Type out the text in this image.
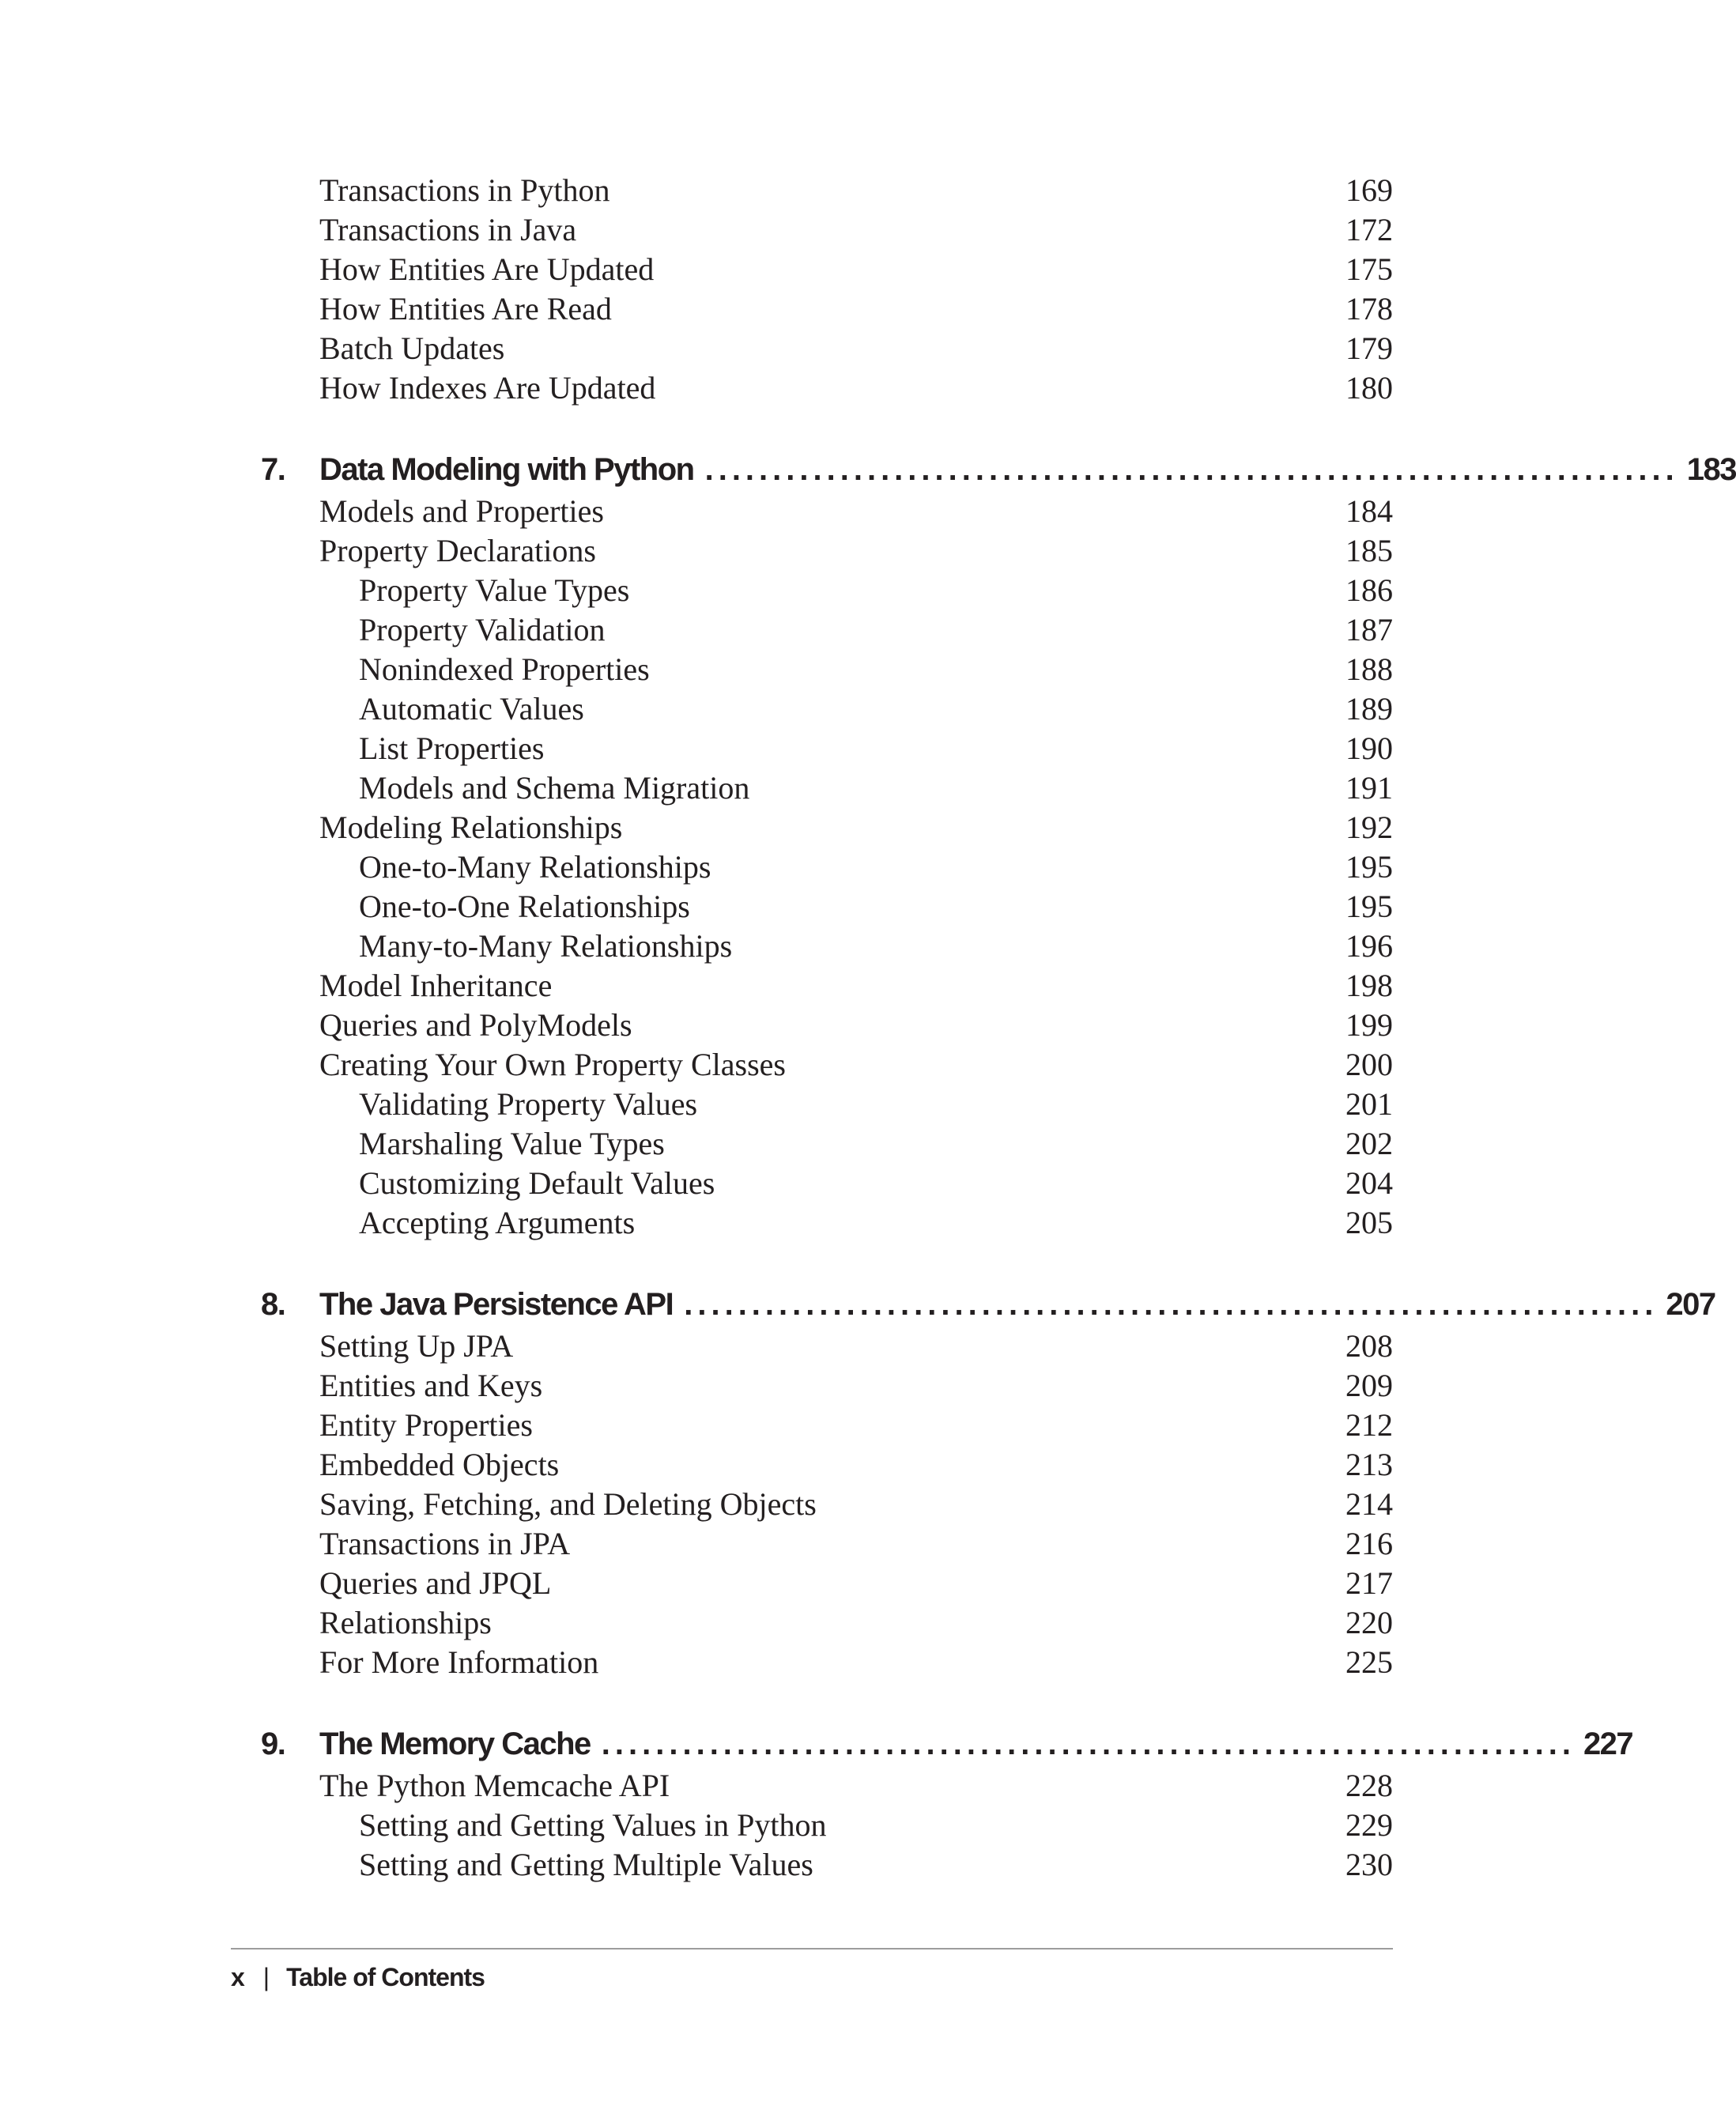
Transactions in Python	169
Transactions in Java	172
How Entities Are Updated	175
How Entities Are Read	178
Batch Updates	179
How Indexes Are Updated	180
7.	Data Modeling with Python ........................................................................ 183
Models and Properties	184
Property Declarations	185
Property Value Types	186
Property Validation	187
Nonindexed Properties	188
Automatic Values	189
List Properties	190
Models and Schema Migration	191
Modeling Relationships	192
One-to-Many Relationships	195
One-to-One Relationships	195
Many-to-Many Relationships	196
Model Inheritance	198
Queries and PolyModels	199
Creating Your Own Property Classes	200
Validating Property Values	201
Marshaling Value Types	202
Customizing Default Values	204
Accepting Arguments	205
8.	The Java Persistence API ........................................................................ 207
Setting Up JPA	208
Entities and Keys	209
Entity Properties	212
Embedded Objects	213
Saving, Fetching, and Deleting Objects	214
Transactions in JPA	216
Queries and JPQL	217
Relationships	220
For More Information	225
9.	The Memory Cache ........................................................................ 227
The Python Memcache API	228
Setting and Getting Values in Python	229
Setting and Getting Multiple Values	230
x | Table of Contents
